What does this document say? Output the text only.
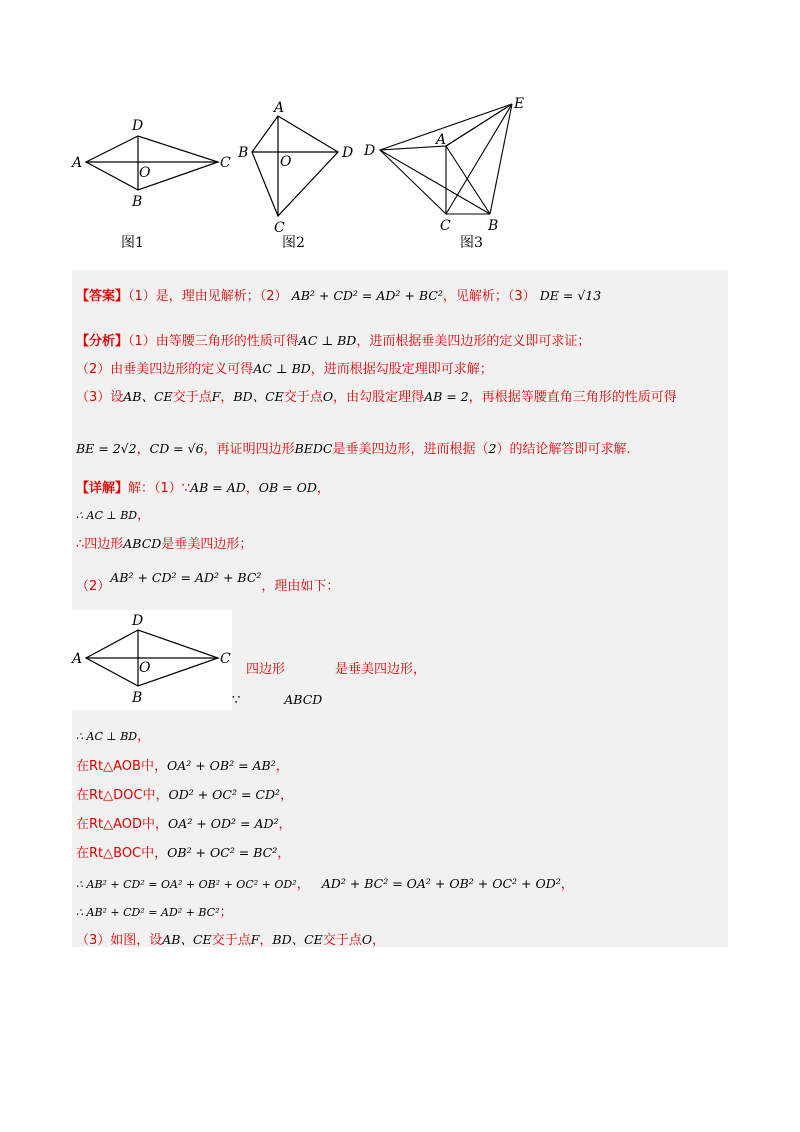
A
D
C
B
O
图1
A
B	D
C
O
图2
D
A
E
C	B
图3
【答案】（1）是，理由见解析；（2） AB² + CD² = AD² + BC²，见解析；（3） DE = √13
【分析】（1）由等腰三角形的性质可得AC ⊥ BD，进而根据垂美四边形的定义即可求证；
（2）由垂美四边形的定义可得AC ⊥ BD，进而根据勾股定理即可求解；
（3）设AB、CE交于点F，BD、CE交于点O，由勾股定理得AB = 2，再根据等腰直角三角形的性质可得
BE = 2√2，CD = √6，再证明四边形BEDC是垂美四边形，进而根据（2）的结论解答即可求解.
【详解】解：（1）∵AB = AD，OB = OD，
∴ AC ⊥ BD，
∴四边形ABCD是垂美四边形；
（2）AB² + CD² = AD² + BC²，理由如下：
A
D
C
B
O	四边形	是垂美四边形，
∵	ABCD
∴ AC ⊥ BD，
在Rt△AOB中，OA² + OB² = AB²，
在Rt△DOC中，OD² + OC² = CD²，
在Rt△AOD中，OA² + OD² = AD²，
在Rt△BOC中，OB² + OC² = BC²，
∴ AB² + CD² = OA² + OB² + OC² + OD²， AD² + BC² = OA² + OB² + OC² + OD²，
∴ AB² + CD² = AD² + BC²；
（3）如图，设AB、CE交于点F，BD、CE交于点O，
